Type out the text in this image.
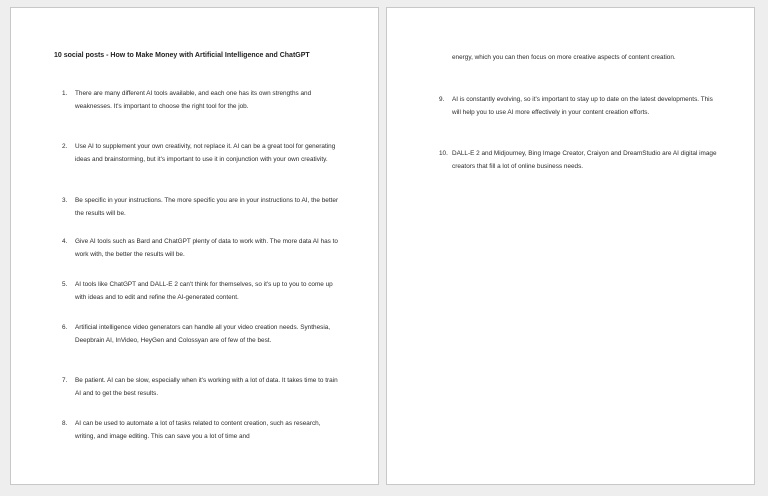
10 social posts - How to Make Money with Artificial Intelligence and ChatGPT
1.	There are many different AI tools available, and each one has its own strengths and weaknesses. It's important to choose the right tool for the job.
2.	Use AI to supplement your own creativity, not replace it. AI can be a great tool for generating ideas and brainstorming, but it's important to use it in conjunction with your own creativity.
3.	Be specific in your instructions. The more specific you are in your instructions to AI, the better the results will be.
4.	Give AI tools such as Bard and ChatGPT plenty of data to work with. The more data AI has to work with, the better the results will be.
5.	AI tools like ChatGPT and DALL-E 2 can't think for themselves, so it's up to you to come up with ideas and to edit and refine the AI-generated content.
6.	Artificial intelligence video generators can handle all your video creation needs. Synthesia, Deepbrain AI, InVideo, HeyGen and Colossyan are of few of the best.
7.	Be patient. AI can be slow, especially when it's working with a lot of data. It takes time to train AI and to get the best results.
8.	AI can be used to automate a lot of tasks related to content creation, such as research, writing, and image editing. This can save you a lot of time and
energy, which you can then focus on more creative aspects of content creation.
9.	AI is constantly evolving, so it's important to stay up to date on the latest developments. This will help you to use AI more effectively in your content creation efforts.
10. DALL-E 2 and Midjourney, Bing Image Creator, Craiyon and DreamStudio are AI digital image creators that fill a lot of online business needs.
